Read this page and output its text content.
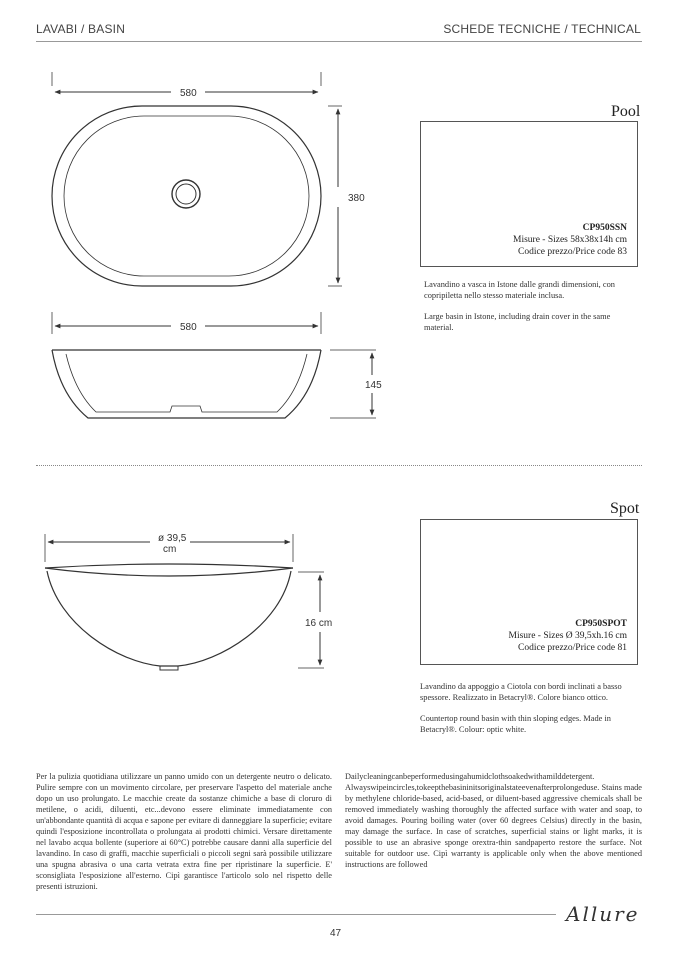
LAVABI / BASIN	SCHEDE TECNICHE / TECHNICAL
580
380
580
145
ø 39,5
cm
16 cm
Pool
CP950SSN
Misure - Sizes 58x38x14h cm
Codice prezzo/Price code 83

Lavandino a vasca in Istone dalle grandi dimensioni, con copripiletta nello stesso materiale inclusa.

Large basin in Istone, including drain cover in the same material.

Spot
CP950SPOT
Misure - Sizes Ø 39,5xh.16 cm
Codice prezzo/Price code 81

Lavandino da appoggio a Ciotola con bordi inclinati a basso spessore. Realizzato in Betacryl®. Colore bianco ottico.

Countertop round basin with thin sloping edges. Made in Betacryl®. Colour: optic white.

Per la pulizia quotidiana utilizzare un panno umido con un detergente neutro o delicato. Pulire sempre con un movimento circolare, per preservare l'aspetto del materiale anche dopo un uso prolungato. Le macchie create da sostanze chimiche a base di cloruro di metilene, o acidi, diluenti, etc...devono essere eliminate immediatamente con un'abbondante quantità di acqua e sapone per evitare di danneggiare la superficie; evitare quindi l'esposizione incontrollata o prolungata ai prodotti chimici. Versare direttamente nel lavabo acqua bollente (superiore ai 60°C) potrebbe causare danni alla superficie del lavandino. In caso di graffi, macchie superficiali o piccoli segni sarà possibile utilizzare una spugna abrasiva o una carta vetrata extra fine per ripristinare la superficie. E' sconsigliata l'esposizione all'esterno. Cipì garantisce l'articolo solo nel rispetto delle presenti istruzioni.

Dailycleaningcanbeperformedusingahumidclothsoakedwithamilddetergent. Alwayswipeincircles,tokeepthebasininitsoriginalstateevenafterprolongeduse. Stains made by methylene chloride-based, acid-based, or diluent-based aggressive chemicals shall be removed immediately washing thoroughly the affected surface with water and soap, to avoid damages. Pouring boiling water (over 60 degrees Celsius) directly in the basin, may damage the surface. In case of scratches, superficial stains or light marks, it is possible to use an abrasive sponge orextra-thin sandpaperto restore the surface. Not suitable for outdoor use. Cipì warranty is applicable only when the above mentioned instructions are followed

47
Allure
